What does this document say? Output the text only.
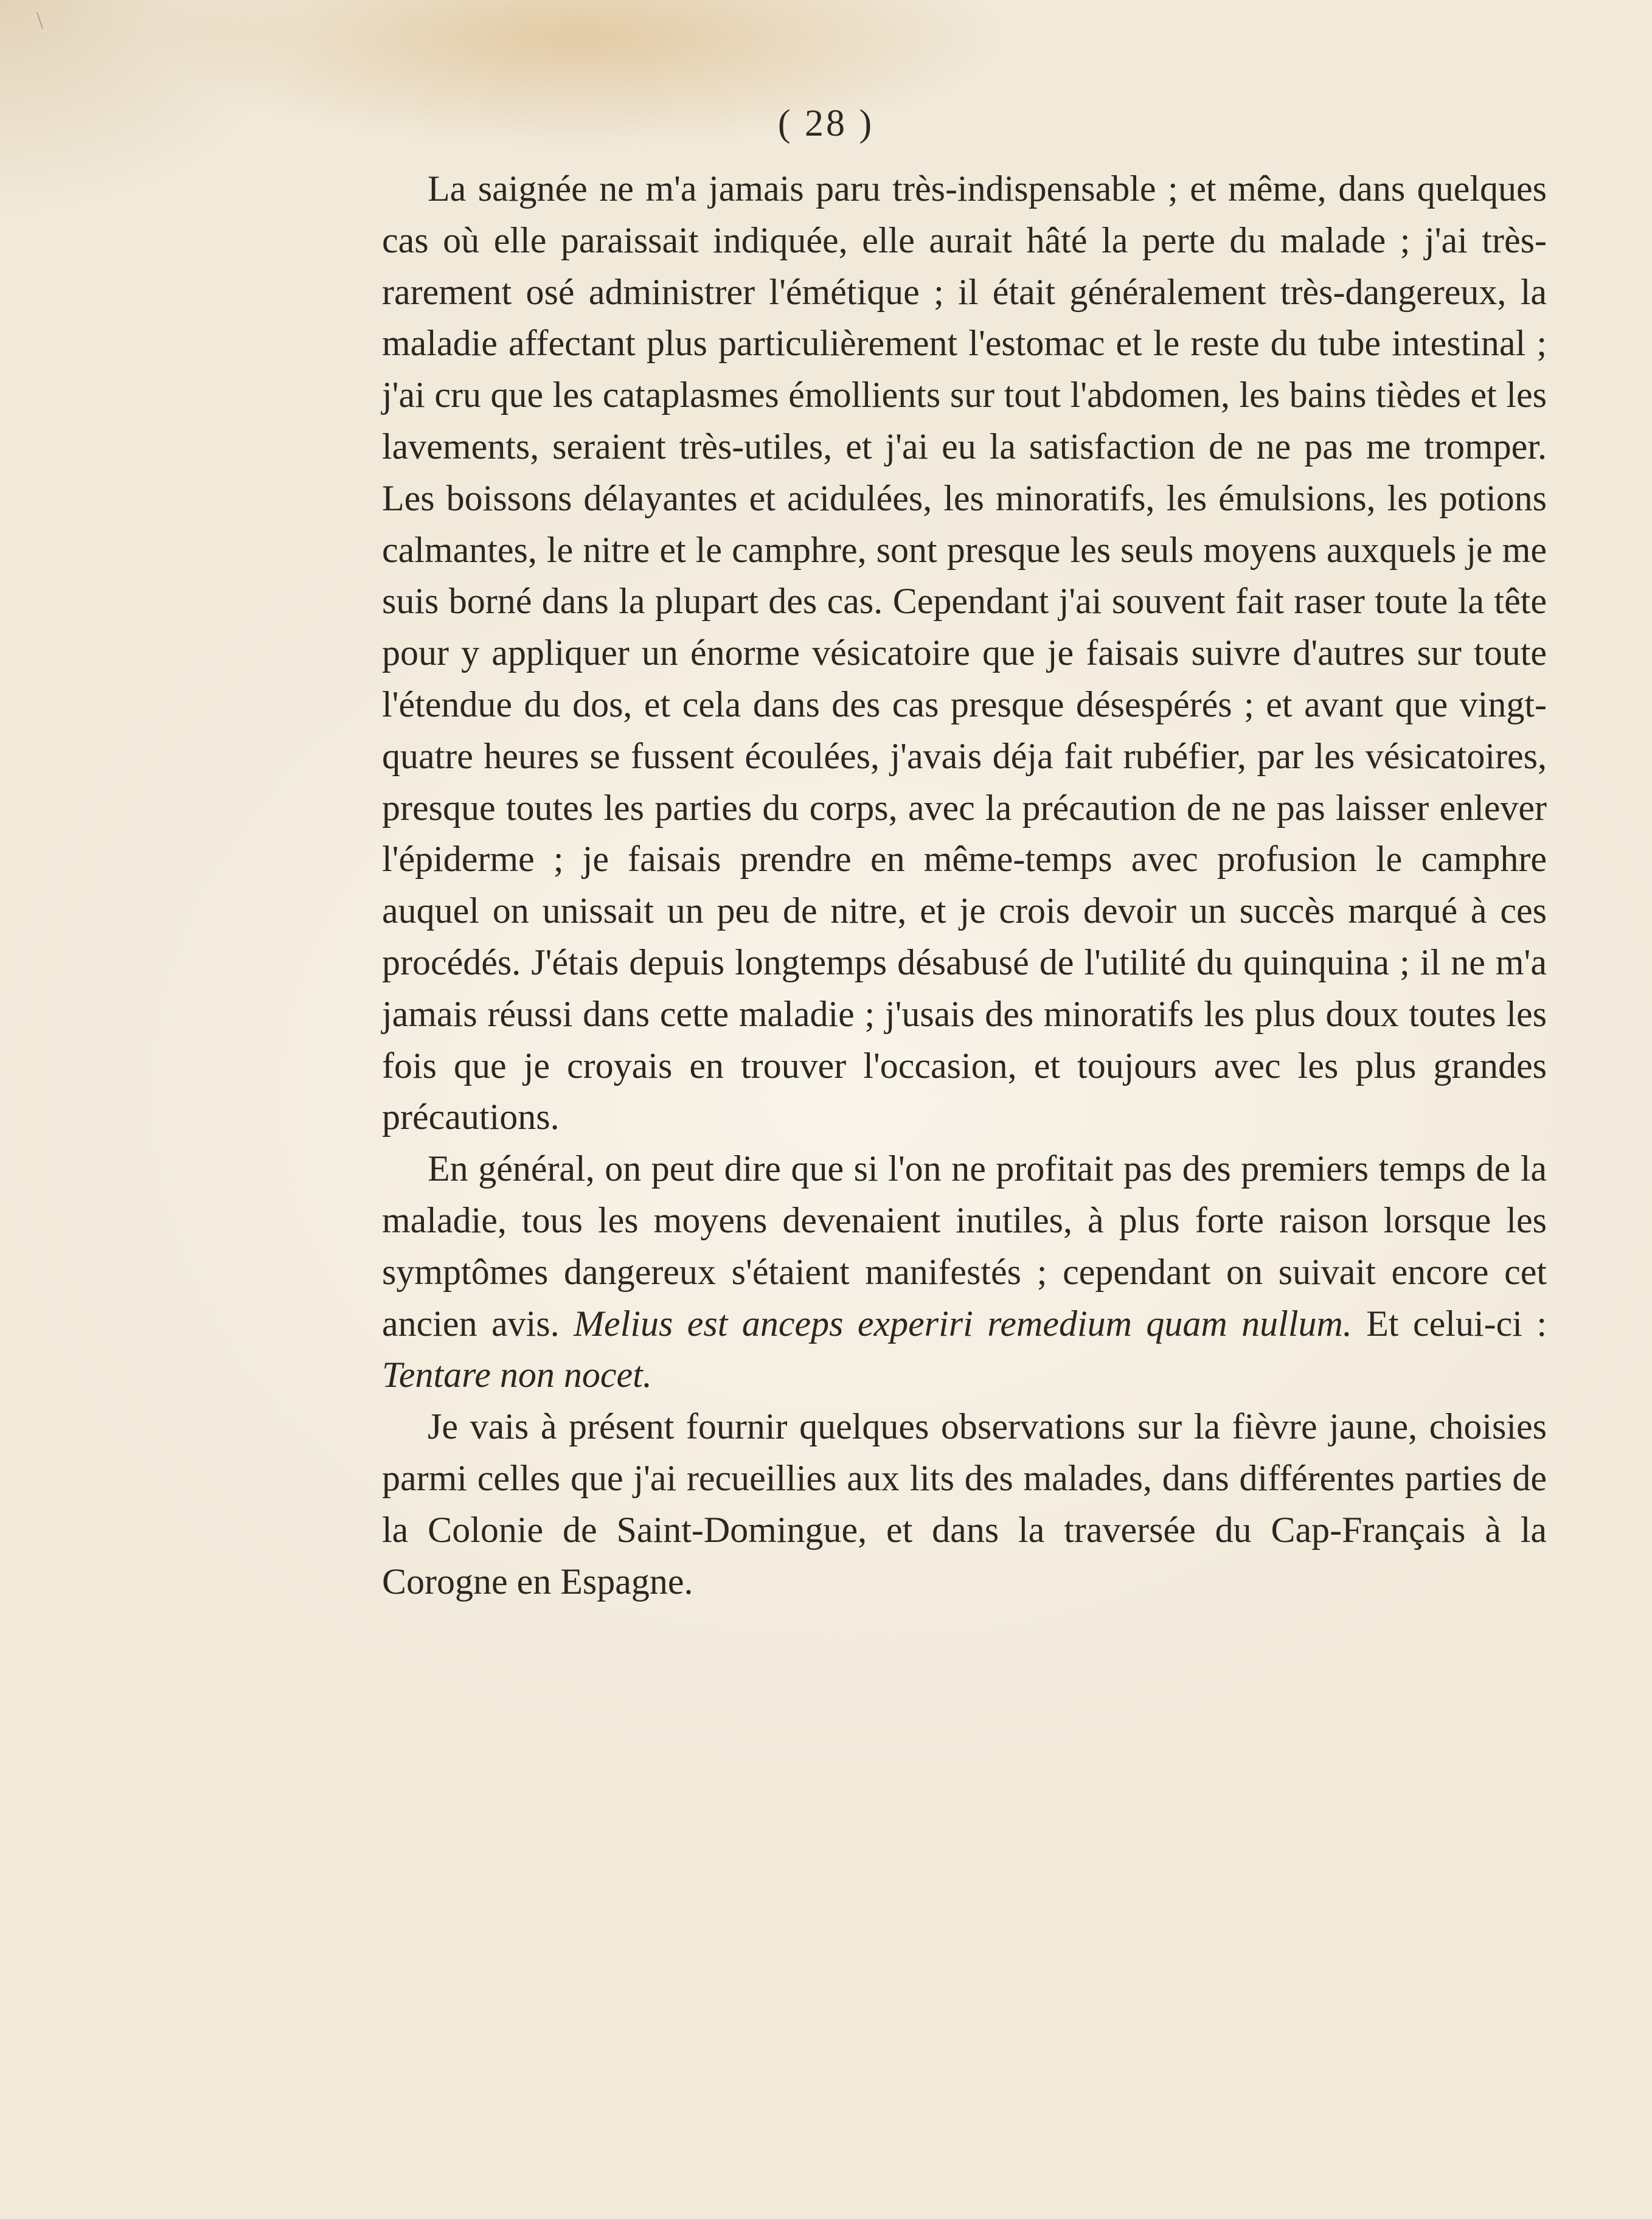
\
( 28 )

La saignée ne m'a jamais paru très-indispensable ; et même, dans quelques cas où elle paraissait indiquée, elle aurait hâté la perte du malade ; j'ai très-rarement osé administrer l'émétique ; il était généralement très-dangereux, la maladie affectant plus particulièrement l'estomac et le reste du tube intestinal ; j'ai cru que les cataplasmes émollients sur tout l'abdomen, les bains tièdes et les lavements, seraient très-utiles, et j'ai eu la satisfaction de ne pas me tromper. Les boissons délayantes et acidulées, les minoratifs, les émulsions, les potions calmantes, le nitre et le camphre, sont presque les seuls moyens auxquels je me suis borné dans la plupart des cas. Cependant j'ai souvent fait raser toute la tête pour y appliquer un énorme vésicatoire que je faisais suivre d'autres sur toute l'étendue du dos, et cela dans des cas presque désespérés ; et avant que vingt-quatre heures se fussent écoulées, j'avais déja fait rubéfier, par les vésicatoires, presque toutes les parties du corps, avec la précaution de ne pas laisser enlever l'épiderme ; je faisais prendre en même-temps avec profusion le camphre auquel on unissait un peu de nitre, et je crois devoir un succès marqué à ces procédés. J'étais depuis longtemps désabusé de l'utilité du quinquina ; il ne m'a jamais réussi dans cette maladie ; j'usais des minoratifs les plus doux toutes les fois que je croyais en trouver l'occasion, et toujours avec les plus grandes précautions.

En général, on peut dire que si l'on ne profitait pas des premiers temps de la maladie, tous les moyens devenaient inutiles, à plus forte raison lorsque les symptômes dangereux s'étaient manifestés ; cependant on suivait encore cet ancien avis. Melius est anceps experiri remedium quam nullum. Et celui-ci : Tentare non nocet.

Je vais à présent fournir quelques observations sur la fièvre jaune, choisies parmi celles que j'ai recueillies aux lits des malades, dans différentes parties de la Colonie de Saint-Domingue, et dans la traversée du Cap-Français à la Corogne en Espagne.
